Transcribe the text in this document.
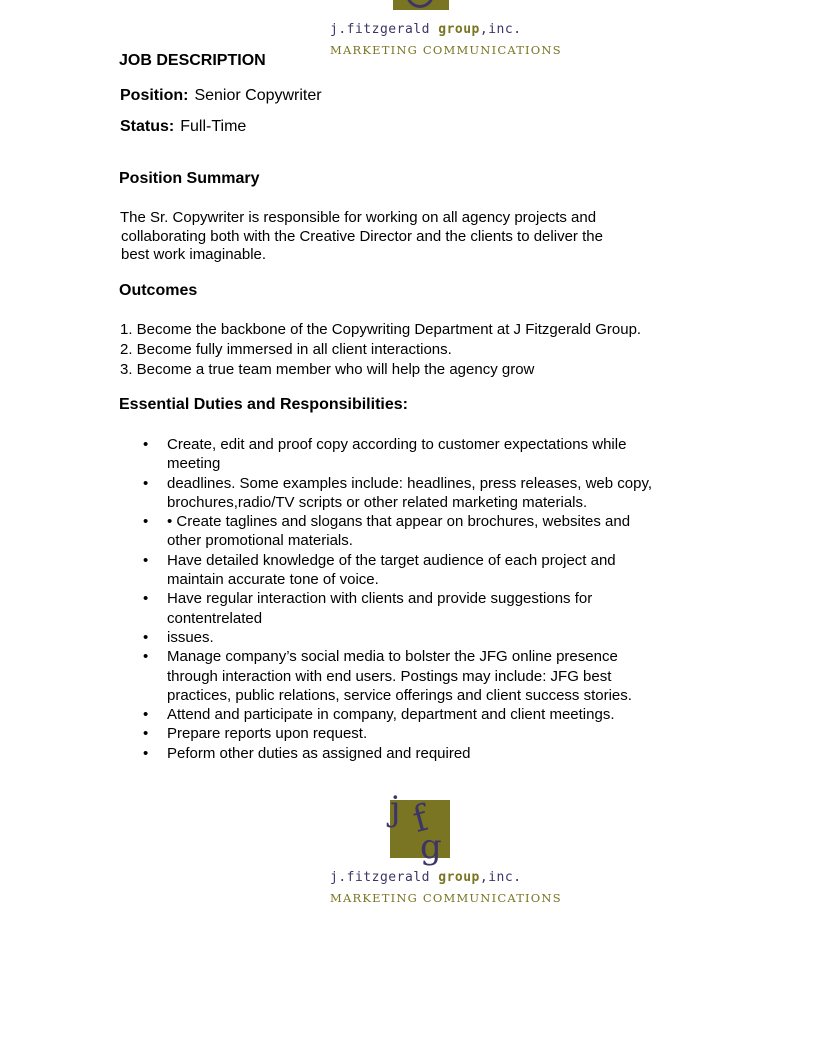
j.fitzgerald group,inc.
MARKETING COMMUNICATIONS
JOB DESCRIPTION
Position: Senior Copywriter
Status: Full-Time
Position Summary
The Sr. Copywriter is responsible for working on all agency projects and
collaborating both with the Creative Director and the clients to deliver the
best work imaginable.
Outcomes
1. Become the backbone of the Copywriting Department at J Fitzgerald Group.
2. Become fully immersed in all client interactions.
3. Become a true team member who will help the agency grow
Essential Duties and Responsibilities:
• Create, edit and proof copy according to customer expectations while
meeting
• deadlines. Some examples include: headlines, press releases, web copy,
brochures,radio/TV scripts or other related marketing materials.
• • Create taglines and slogans that appear on brochures, websites and
other promotional materials.
• Have detailed knowledge of the target audience of each project and
maintain accurate tone of voice.
• Have regular interaction with clients and provide suggestions for
contentrelated
• issues.
• Manage company’s social media to bolster the JFG online presence
through interaction with end users. Postings may include: JFG best
practices, public relations, service offerings and client success stories.
• Attend and participate in company, department and client meetings.
• Prepare reports upon request.
• Peform other duties as assigned and required
j f
g
j.fitzgerald group,inc.
MARKETING COMMUNICATIONS
